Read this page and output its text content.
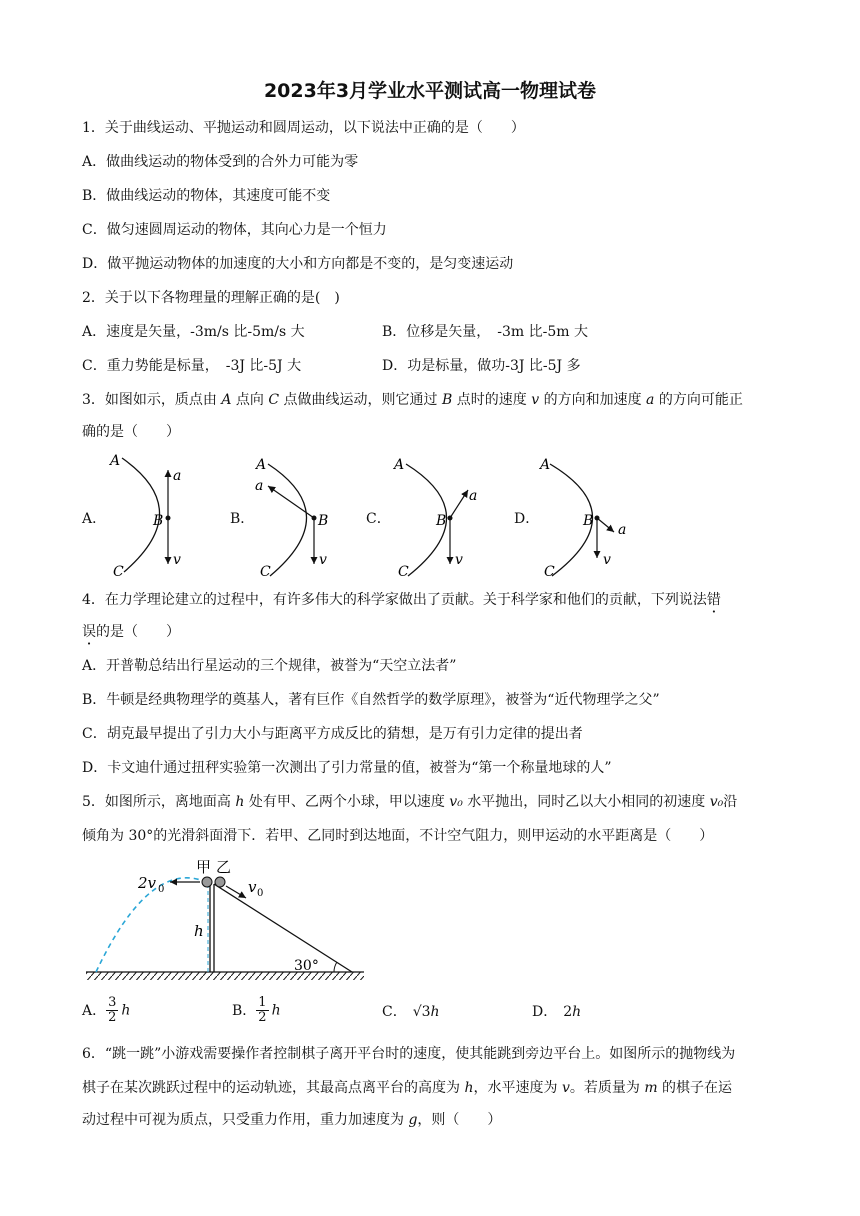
2023年3月学业水平测试高一物理试卷
1．关于曲线运动、平抛运动和圆周运动，以下说法中正确的是（　　）
A．做曲线运动的物体受到的合外力可能为零
B．做曲线运动的物体，其速度可能不变
C．做匀速圆周运动的物体，其向心力是一个恒力
D．做平抛运动物体的加速度的大小和方向都是不变的，是匀变速运动
2．关于以下各物理量的理解正确的是(　)
A．速度是矢量，-3m/s 比-5m/s 大	B．位移是矢量，　-3m 比-5m 大
C．重力势能是标量，　-3J 比-5J 大	D．功是标量，做功-3J 比-5J 多
3．如图如示，质点由 A 点向 C 点做曲线运动，则它通过 B 点时的速度 v 的方向和加速度 a 的方向可能正
确的是（　　）
A．	B．	C．	D．
A
B
C
a
v
A
B
C
a
v
A
B
C
a
v
A
B
C
a
v
4．在力学理论建立的过程中，有许多伟大的科学家做出了贡献。关于科学家和他们的贡献，下列说法错
误的是（　　）
A．开普勒总结出行星运动的三个规律，被誉为“天空立法者”
B．牛顿是经典物理学的奠基人，著有巨作《自然哲学的数学原理》，被誉为“近代物理学之父”
C．胡克最早提出了引力大小与距离平方成反比的猜想，是万有引力定律的提出者
D．卡文迪什通过扭秤实验第一次测出了引力常量的值，被誉为“第一个称量地球的人”
5．如图所示，离地面高 h 处有甲、乙两个小球，甲以速度 v₀ 水平抛出，同时乙以大小相同的初速度 v₀沿
倾角为 30°的光滑斜面滑下．若甲、乙同时到达地面，不计空气阻力，则甲运动的水平距离是（　　）
甲 乙
2v 0	v 0
h
30°
A． $\frac{3}{2}$ h	B． $\frac{1}{2}$ h	C． √3h	D． 2h
6．“跳一跳”小游戏需要操作者控制棋子离开平台时的速度，使其能跳到旁边平台上。如图所示的抛物线为
棋子在某次跳跃过程中的运动轨迹，其最高点离平台的高度为 h，水平速度为 v。若质量为 m 的棋子在运
动过程中可视为质点，只受重力作用，重力加速度为 g，则（　　）
